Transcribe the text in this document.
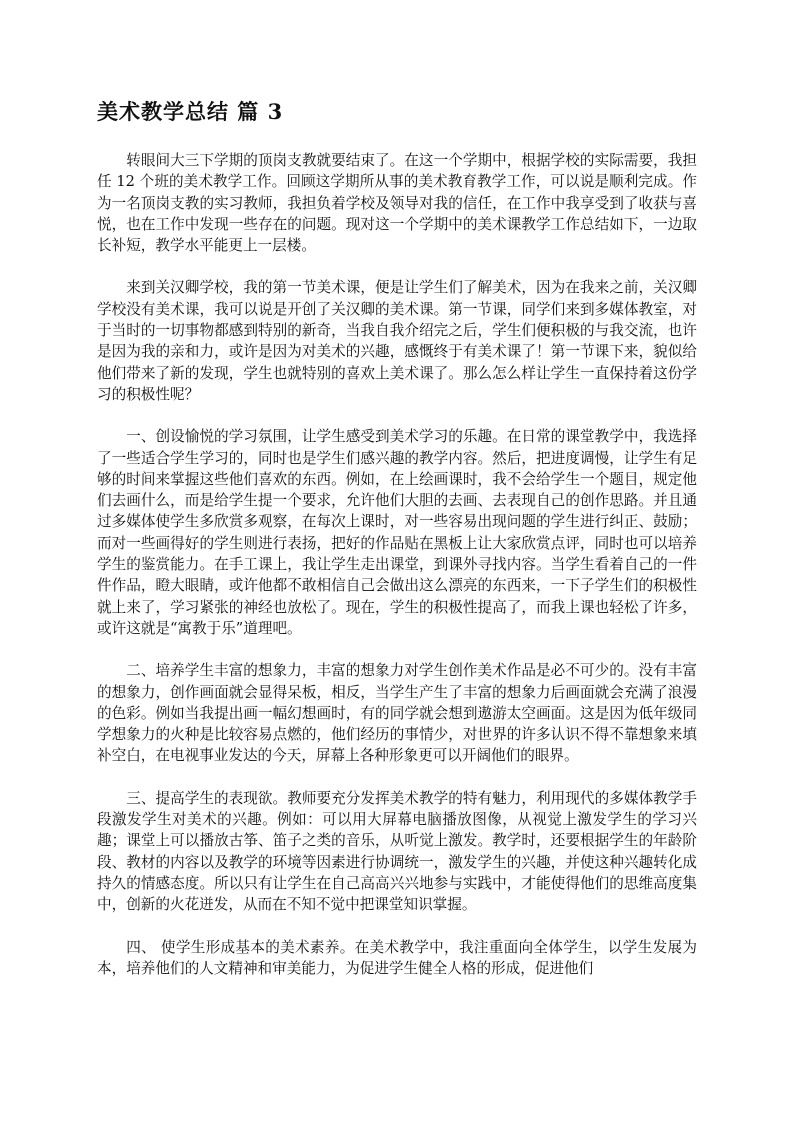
美术教学总结 篇 3

转眼间大三下学期的顶岗支教就要结束了。在这一个学期中，根据学校的实际需要，我担任 12 个班的美术教学工作。回顾这学期所从事的美术教育教学工作，可以说是顺利完成。作为一名顶岗支教的实习教师，我担负着学校及领导对我的信任，在工作中我享受到了收获与喜悦，也在工作中发现一些存在的问题。现对这一个学期中的美术课教学工作总结如下，一边取长补短，教学水平能更上一层楼。

来到关汉卿学校，我的第一节美术课，便是让学生们了解美术，因为在我来之前，关汉卿学校没有美术课，我可以说是开创了关汉卿的美术课。第一节课，同学们来到多媒体教室，对于当时的一切事物都感到特别的新奇，当我自我介绍完之后，学生们便积极的与我交流，也许是因为我的亲和力，或许是因为对美术的兴趣，感慨终于有美术课了！第一节课下来，貌似给他们带来了新的发现，学生也就特别的喜欢上美术课了。那么怎么样让学生一直保持着这份学习的积极性呢？

一、创设愉悦的学习氛围，让学生感受到美术学习的乐趣。在日常的课堂教学中，我选择了一些适合学生学习的，同时也是学生们感兴趣的教学内容。然后，把进度调慢，让学生有足够的时间来掌握这些他们喜欢的东西。例如，在上绘画课时，我不会给学生一个题目，规定他们去画什么，而是给学生提一个要求，允许他们大胆的去画、去表现自己的创作思路。并且通过多媒体使学生多欣赏多观察，在每次上课时，对一些容易出现问题的学生进行纠正、鼓励；而对一些画得好的学生则进行表扬，把好的作品贴在黑板上让大家欣赏点评，同时也可以培养学生的鉴赏能力。在手工课上，我让学生走出课堂，到课外寻找内容。当学生看着自己的一件件作品，瞪大眼睛，或许他都不敢相信自己会做出这么漂亮的东西来，一下子学生们的积极性就上来了，学习紧张的神经也放松了。现在，学生的积极性提高了，而我上课也轻松了许多，或许这就是“寓教于乐”道理吧。

二、培养学生丰富的想象力，丰富的想象力对学生创作美术作品是必不可少的。没有丰富的想象力，创作画面就会显得呆板，相反，当学生产生了丰富的想象力后画面就会充满了浪漫的色彩。例如当我提出画一幅幻想画时，有的同学就会想到遨游太空画面。这是因为低年级同学想象力的火种是比较容易点燃的，他们经历的事情少，对世界的许多认识不得不靠想象来填补空白，在电视事业发达的今天，屏幕上各种形象更可以开阔他们的眼界。

三、提高学生的表现欲。教师要充分发挥美术教学的特有魅力，利用现代的多媒体教学手段激发学生对美术的兴趣。例如：可以用大屏幕电脑播放图像，从视觉上激发学生的学习兴趣；课堂上可以播放古筝、笛子之类的音乐，从听觉上激发。教学时，还要根据学生的年龄阶段、教材的内容以及教学的环境等因素进行协调统一，激发学生的兴趣，并使这种兴趣转化成持久的情感态度。所以只有让学生在自己高高兴兴地参与实践中，才能使得他们的思维高度集中，创新的火花迸发，从而在不知不觉中把课堂知识掌握。

四、 使学生形成基本的美术素养。在美术教学中，我注重面向全体学生，以学生发展为本，培养他们的人文精神和审美能力，为促进学生健全人格的形成，促进他们
